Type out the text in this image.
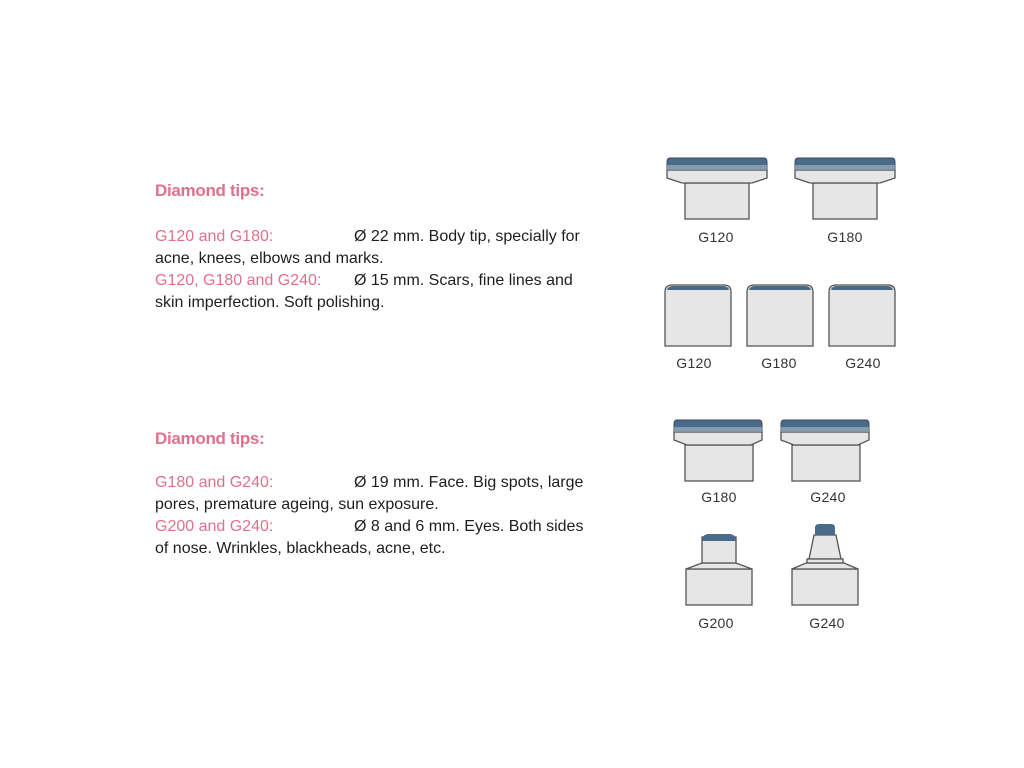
Diamond tips:

G120 and G180:	Ø 22 mm. Body tip, specially for acne, knees, elbows and marks.

G120, G180 and G240: Ø 15 mm. Scars, fine lines and skin imperfection. Soft polishing.

Diamond tips:

G180 and G240:	Ø 19 mm. Face. Big spots, large pores, premature ageing, sun exposure.

G200 and G240:	Ø 8 and 6 mm. Eyes. Both sides of nose. Wrinkles, blackheads, acne, etc.

G120	G180
G120	G180	G240
G180	G240
G200	G240
